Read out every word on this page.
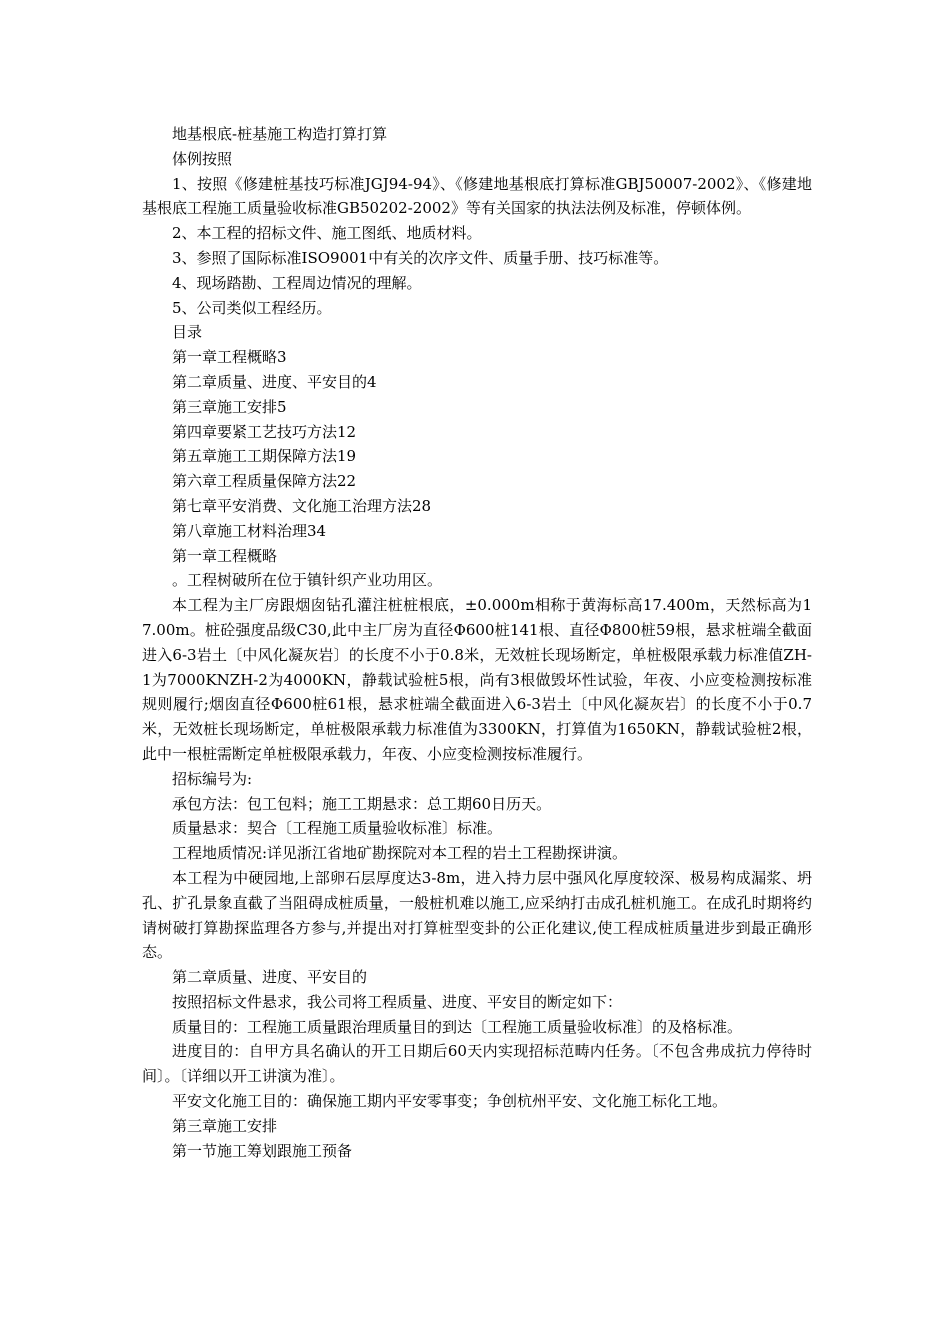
地基根底-桩基施工构造打算打算

体例按照

1、按照《修建桩基技巧标准JGJ94-94》、《修建地基根底打算标准GBJ50007-2002》、《修建地基根底工程施工质量验收标准GB50202-2002》等有关国家的执法法例及标准，停顿体例。

2、本工程的招标文件、施工图纸、地质材料。

3、参照了国际标准ISO9001中有关的次序文件、质量手册、技巧标准等。

4、现场踏勘、工程周边情况的理解。

5、公司类似工程经历。

目录

第一章工程概略3

第二章质量、进度、平安目的4

第三章施工安排5

第四章要紧工艺技巧方法12

第五章施工工期保障方法19

第六章工程质量保障方法22

第七章平安消费、文化施工治理方法28

第八章施工材料治理34

第一章工程概略

。工程树破所在位于镇针织产业功用区。

本工程为主厂房跟烟囱钻孔灌注桩桩根底，±0.000m相称于黄海标高17.400m，天然标高为17.00m。桩砼强度品级C30,此中主厂房为直径Φ600桩141根、直径Φ800桩59根，悬求桩端全截面进入6-3岩土〔中风化凝灰岩〕的长度不小于0.8米，无效桩长现场断定，单桩极限承载力标准值ZH-1为7000KNZH-2为4000KN，静载试验桩5根，尚有3根做毁坏性试验，年夜、小应变检测按标准规则履行;烟囱直径Φ600桩61根，悬求桩端全截面进入6-3岩土〔中风化凝灰岩〕的长度不小于0.7米，无效桩长现场断定，单桩极限承载力标准值为3300KN，打算值为1650KN，静载试验桩2根，此中一根桩需断定单桩极限承载力，年夜、小应变检测按标准履行。

招标编号为:

承包方法：包工包料；施工工期悬求：总工期60日历天。

质量悬求：契合〔工程施工质量验收标准〕标准。

工程地质情况:详见浙江省地矿勘探院对本工程的岩土工程勘探讲演。

本工程为中硬园地,上部卵石层厚度达3-8m，进入持力层中强风化厚度较深、极易构成漏浆、坍孔、扩孔景象直截了当阻碍成桩质量，一般桩机难以施工,应采纳打击成孔桩机施工。在成孔时期将约请树破打算勘探监理各方参与,并提出对打算桩型变卦的公正化建议,使工程成桩质量进步到最正确形态。

第二章质量、进度、平安目的

按照招标文件悬求，我公司将工程质量、进度、平安目的断定如下：

质量目的：工程施工质量跟治理质量目的到达〔工程施工质量验收标准〕的及格标准。

进度目的：自甲方具名确认的开工日期后60天内实现招标范畴内任务。〔不包含弗成抗力停待时间〕。〔详细以开工讲演为准〕。

平安文化施工目的：确保施工期内平安零事变；争创杭州平安、文化施工标化工地。

第三章施工安排

第一节施工筹划跟施工预备
